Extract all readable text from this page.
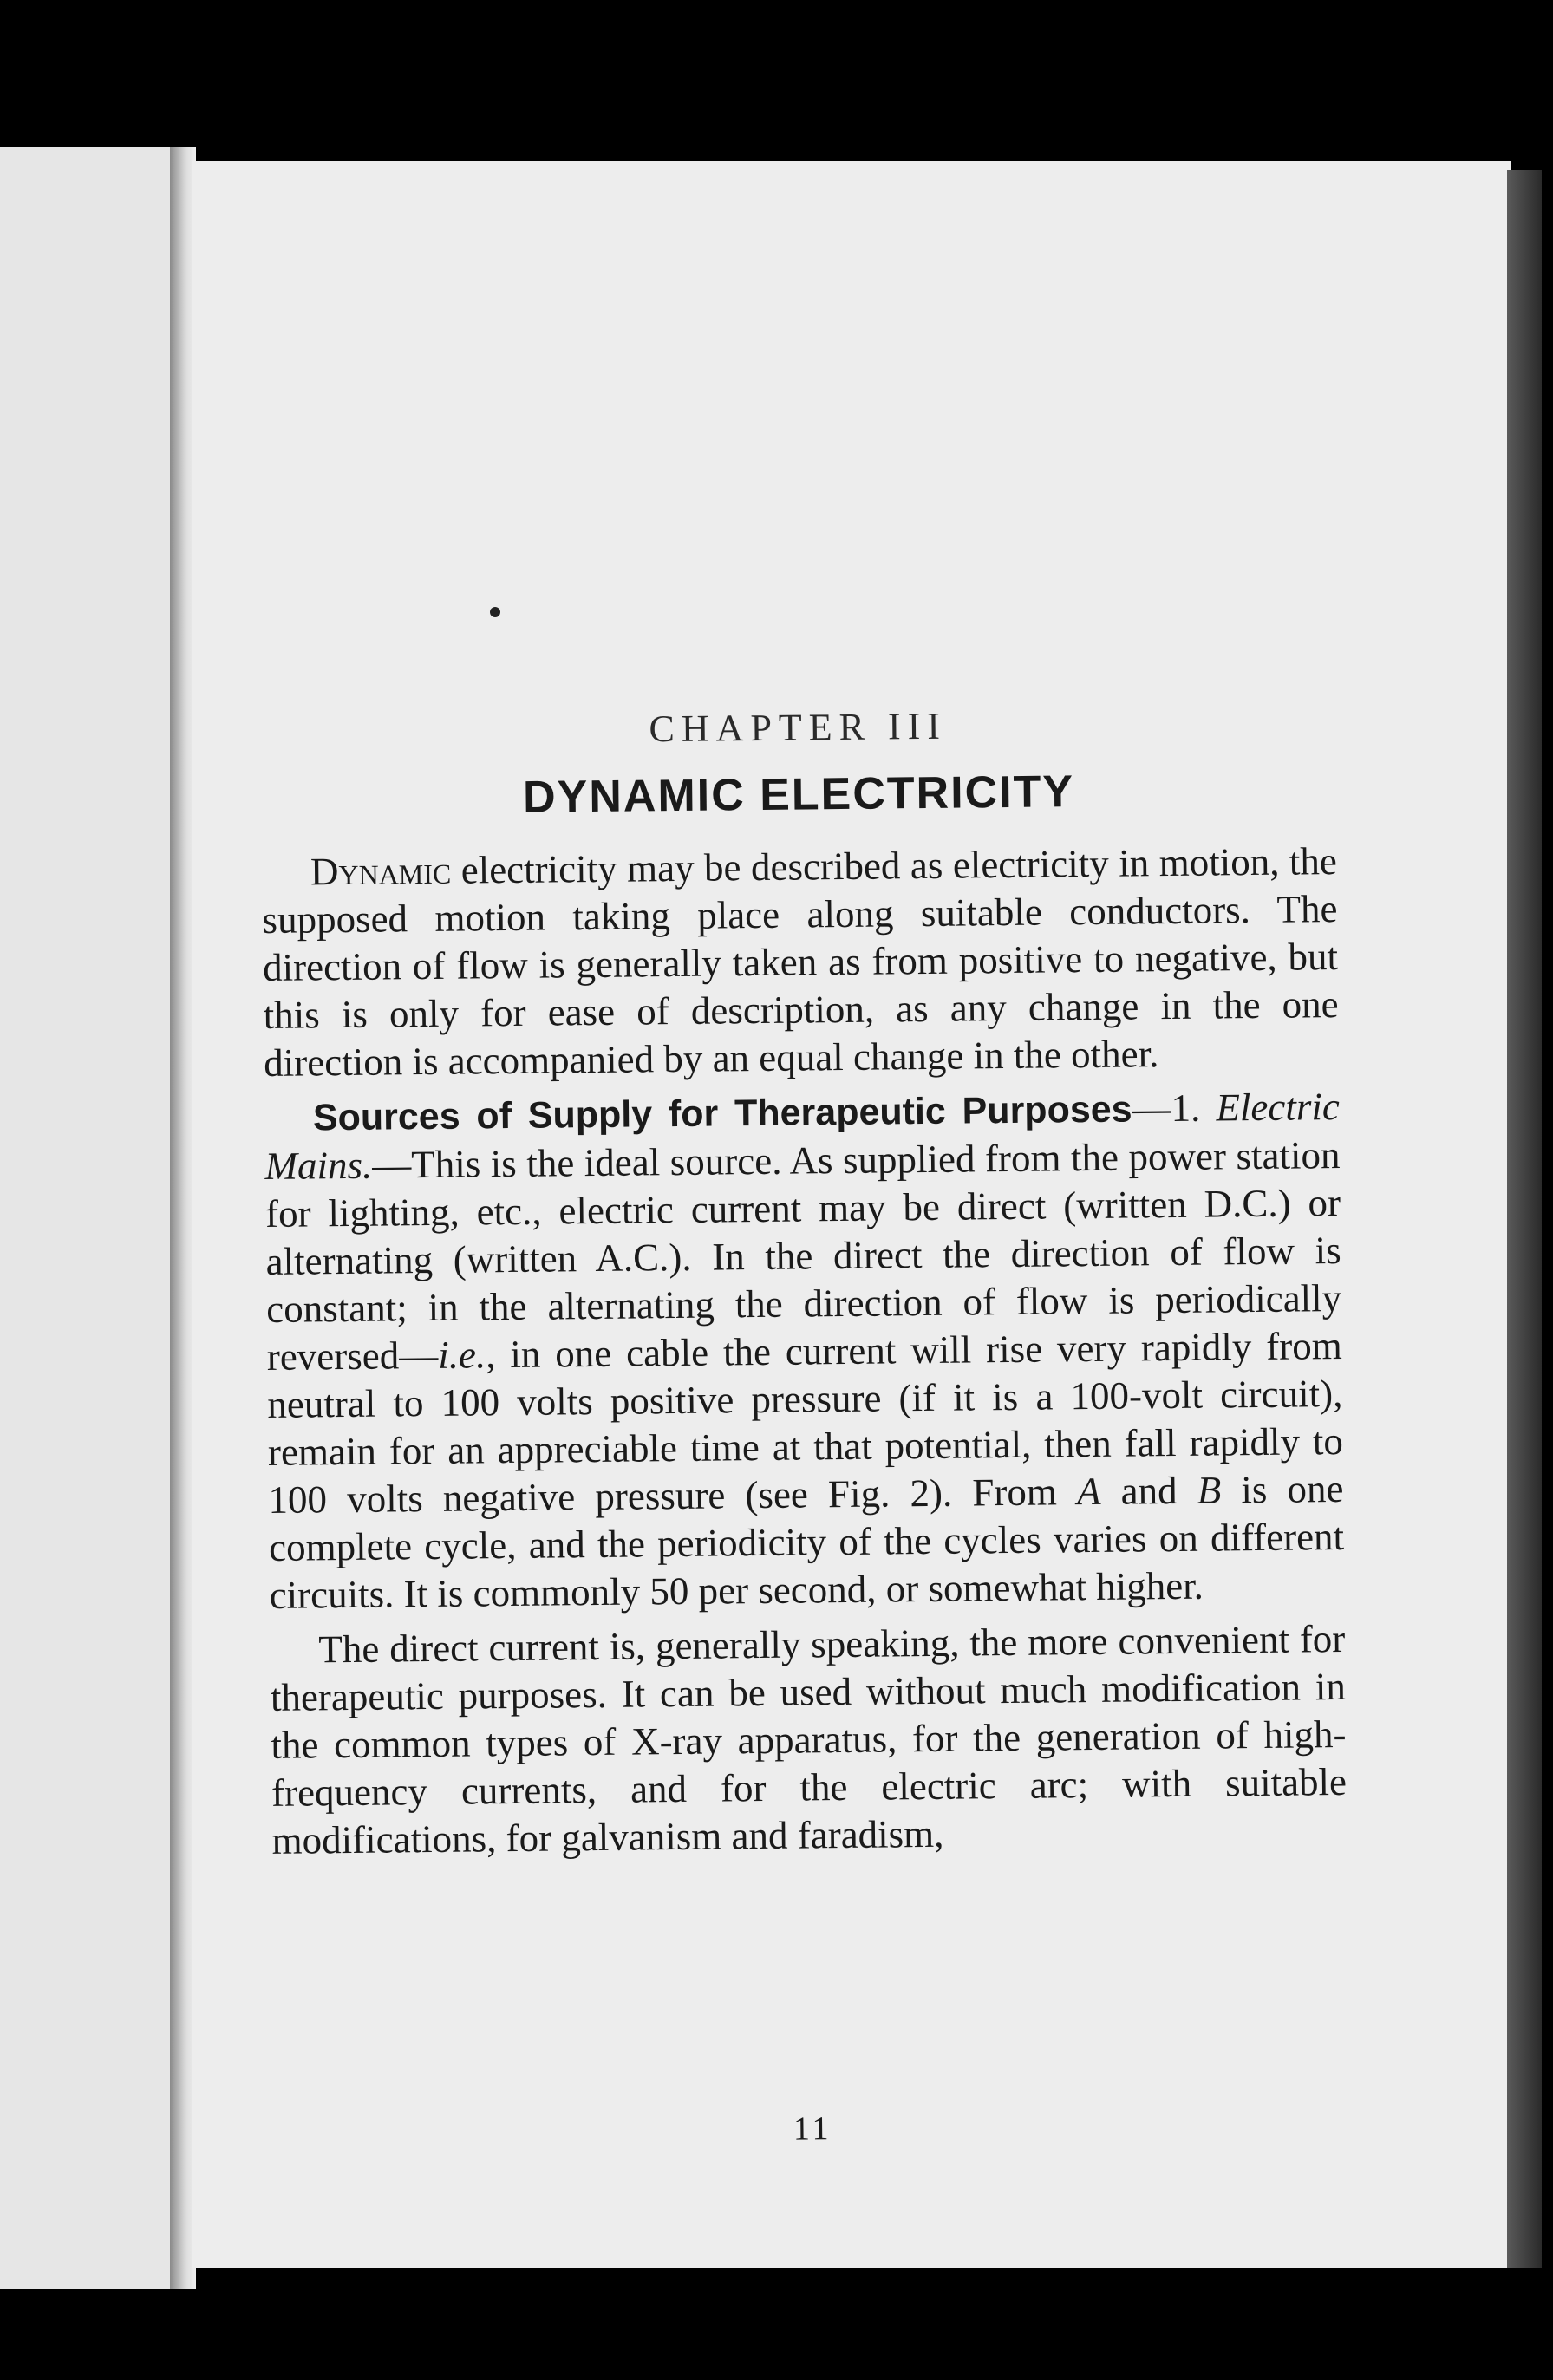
CHAPTER III
DYNAMIC ELECTRICITY

Dynamic electricity may be described as electricity in motion, the supposed motion taking place along suitable conductors. The direction of flow is generally taken as from positive to negative, but this is only for ease of description, as any change in the one direction is accompanied by an equal change in the other.

Sources of Supply for Therapeutic Purposes—1. Electric Mains.—This is the ideal source. As supplied from the power station for lighting, etc., electric current may be direct (written D.C.) or alternating (written A.C.). In the direct the direction of flow is constant; in the alternating the direction of flow is periodically reversed—i.e., in one cable the current will rise very rapidly from neutral to 100 volts positive pressure (if it is a 100-volt circuit), remain for an appreciable time at that potential, then fall rapidly to 100 volts negative pressure (see Fig. 2). From A and B is one complete cycle, and the periodicity of the cycles varies on different circuits. It is commonly 50 per second, or somewhat higher.

The direct current is, generally speaking, the more convenient for therapeutic purposes. It can be used without much modification in the common types of X-ray apparatus, for the generation of high-frequency currents, and for the electric arc; with suitable modifications, for galvanism and faradism,

11
